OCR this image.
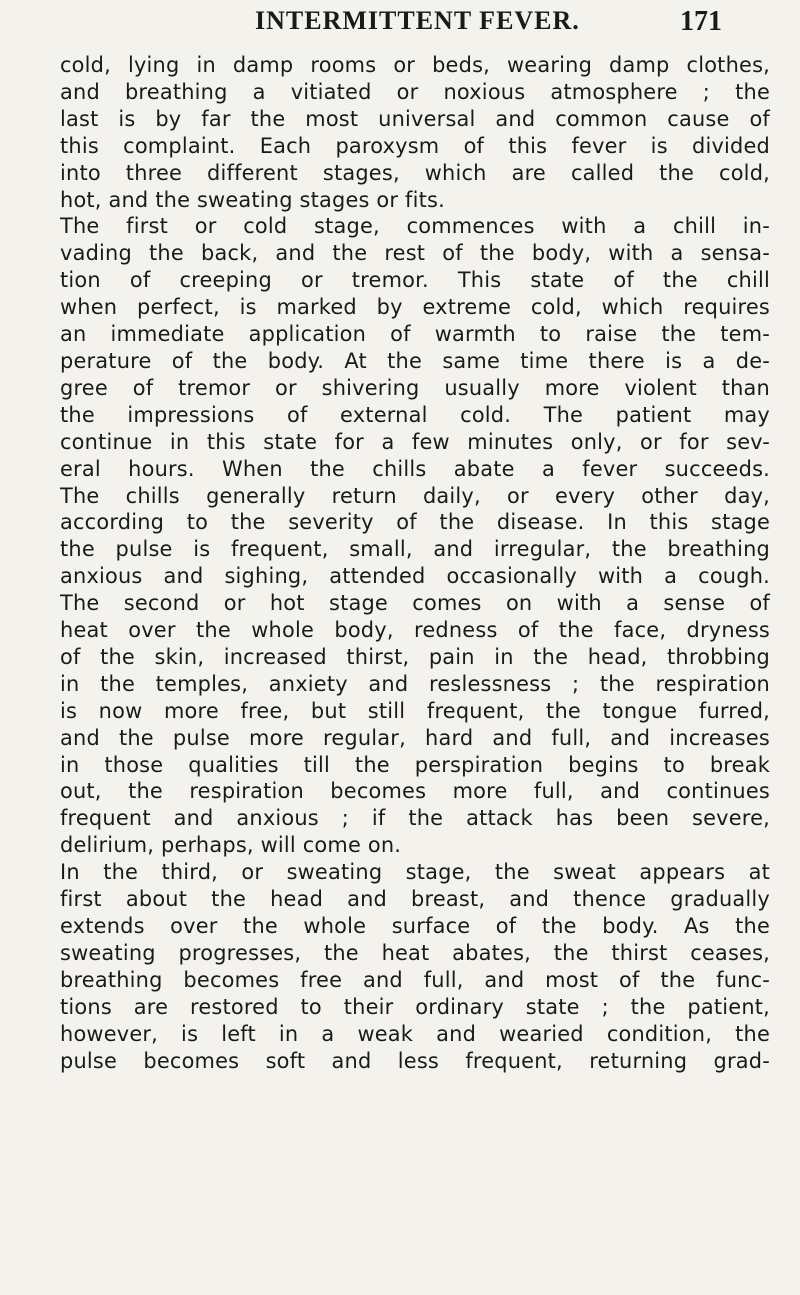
INTERMITTENT FEVER.	171
cold, lying in damp rooms or beds, wearing damp clothes,
and breathing a vitiated or noxious atmosphere ; the
last is by far the most universal and common cause of
this complaint. Each paroxysm of this fever is divided
into three different stages, which are called the cold,
hot, and the sweating stages or fits.
The first or cold stage, commences with a chill in-
vading the back, and the rest of the body, with a sensa-
tion of creeping or tremor. This state of the chill
when perfect, is marked by extreme cold, which requires
an immediate application of warmth to raise the tem-
perature of the body. At the same time there is a de-
gree of tremor or shivering usually more violent than
the impressions of external cold. The patient may
continue in this state for a few minutes only, or for sev-
eral hours. When the chills abate a fever succeeds.
The chills generally return daily, or every other day,
according to the severity of the disease. In this stage
the pulse is frequent, small, and irregular, the breathing
anxious and sighing, attended occasionally with a cough.
The second or hot stage comes on with a sense of
heat over the whole body, redness of the face, dryness
of the skin, increased thirst, pain in the head, throbbing
in the temples, anxiety and reslessness ; the respiration
is now more free, but still frequent, the tongue furred,
and the pulse more regular, hard and full, and increases
in those qualities till the perspiration begins to break
out, the respiration becomes more full, and continues
frequent and anxious ; if the attack has been severe,
delirium, perhaps, will come on.
In the third, or sweating stage, the sweat appears at
first about the head and breast, and thence gradually
extends over the whole surface of the body. As the
sweating progresses, the heat abates, the thirst ceases,
breathing becomes free and full, and most of the func-
tions are restored to their ordinary state ; the patient,
however, is left in a weak and wearied condition, the
pulse becomes soft and less frequent, returning grad-
